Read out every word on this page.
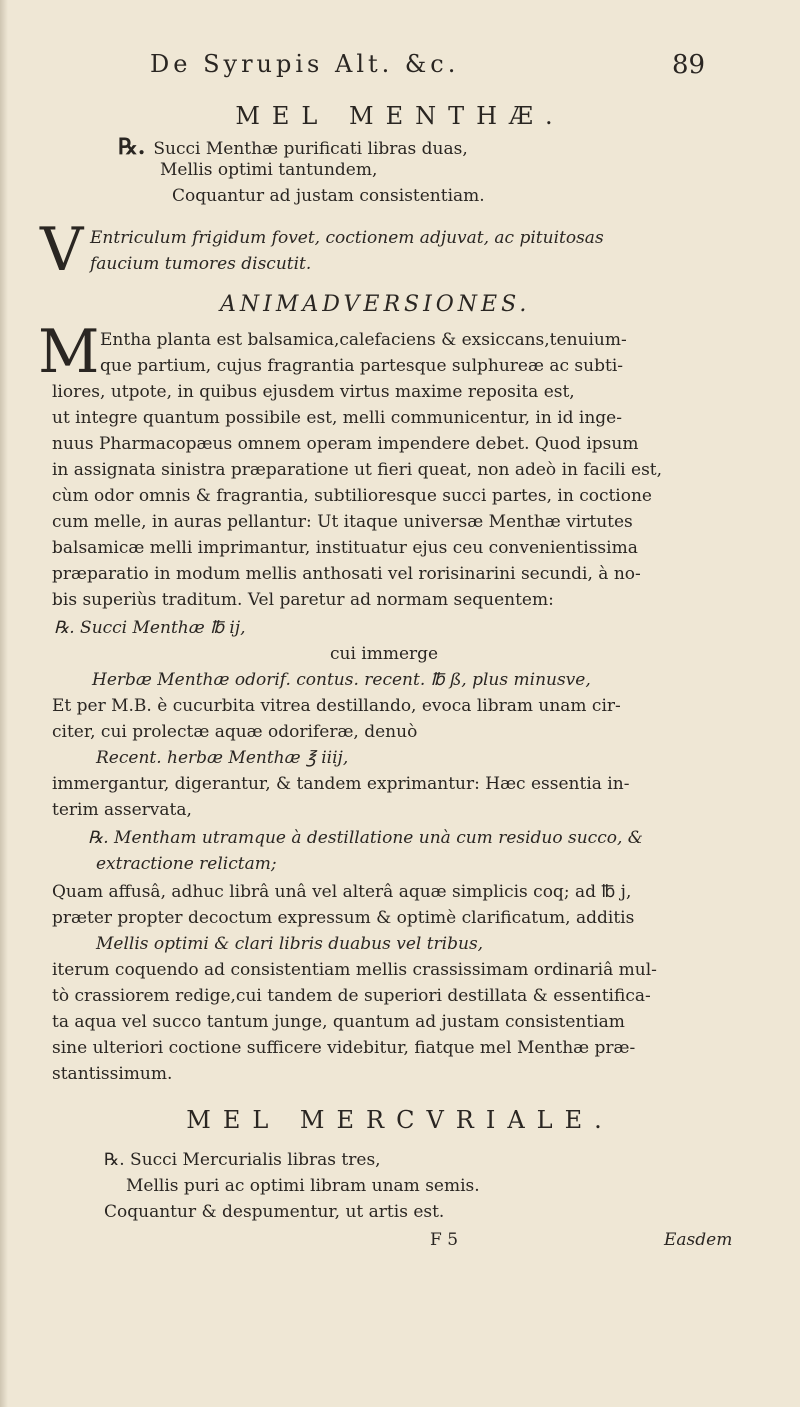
De Syrupis Alt. &c.	89
MEL MENTHÆ.
℞. Succi Menthæ purificati libras duas,
Mellis optimi tantundem,
Coquantur ad justam consistentiam.
V Entriculum frigidum fovet, coctionem adjuvat, ac pituitosas
faucium tumores discutit.
ANIMADVERSIONES.
M Entha planta est balsamica,calefaciens & exsiccans,tenuium-
que partium, cujus fragrantia partesque sulphureæ ac subti-
liores, utpote, in quibus ejusdem virtus maxime reposita est,
ut integre quantum possibile est, melli communicentur, in id inge-
nuus Pharmacopæus omnem operam impendere debet. Quod ipsum
in assignata sinistra præparatione ut fieri queat, non adeò in facili est,
cùm odor omnis & fragrantia, subtilioresque succi partes, in coctione
cum melle, in auras pellantur: Ut itaque universæ Menthæ virtutes
balsamicæ melli imprimantur, instituatur ejus ceu convenientissima
præparatio in modum mellis anthosati vel rorisinarini secundi, à no-
bis superiùs traditum. Vel paretur ad normam sequentem:
℞. Succi Menthæ ℔ ij,
cui immerge
Herbæ Menthæ odorif. contus. recent. ℔ ß, plus minusve,
Et per M.B. è cucurbita vitrea destillando, evoca libram unam cir-
citer, cui prolectæ aquæ odoriferæ, denuò
Recent. herbæ Menthæ ℥ iiij,
immergantur, digerantur, & tandem exprimantur: Hæc essentia in-
terim asservata,
℞. Mentham utramque à destillatione unà cum residuo succo, &
extractione relictam;
Quam affusâ, adhuc librâ unâ vel alterâ aquæ simplicis coq; ad ℔ j,
præter propter decoctum expressum & optimè clarificatum, additis
Mellis optimi & clari libris duabus vel tribus,
iterum coquendo ad consistentiam mellis crassissimam ordinariâ mul-
tò crassiorem redige,cui tandem de superiori destillata & essentifica-
ta aqua vel succo tantum junge, quantum ad justam consistentiam
sine ulteriori coctione sufficere videbitur, fiatque mel Menthæ præ-
stantissimum.
MEL MERCVRIALE.
℞. Succi Mercurialis libras tres,
Mellis puri ac optimi libram unam semis.
Coquantur & despumentur, ut artis est.
F 5	Easdem
